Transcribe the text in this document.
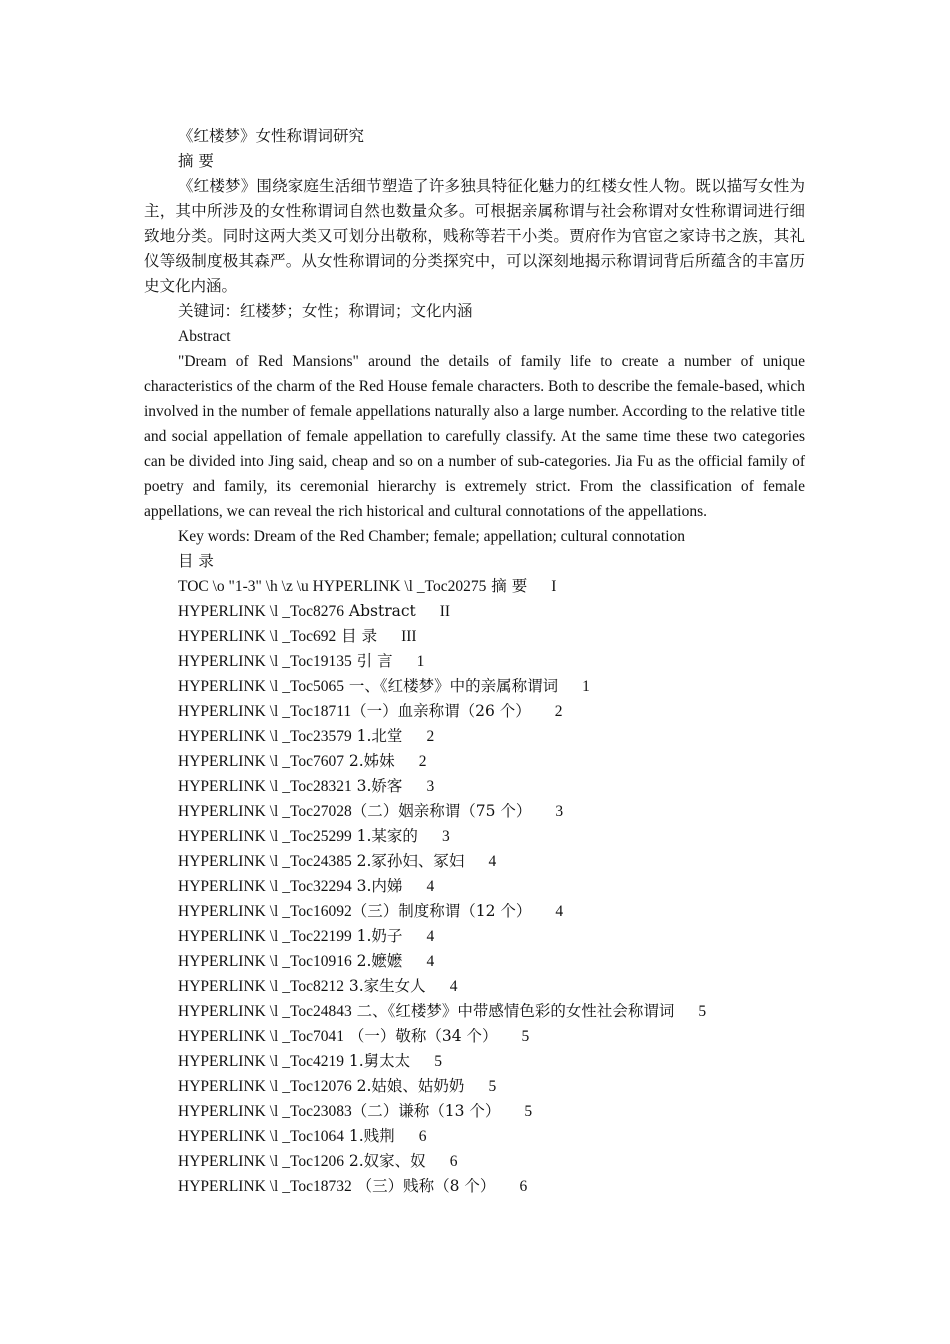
《红楼梦》女性称谓词研究

摘 要

《红楼梦》围绕家庭生活细节塑造了许多独具特征化魅力的红楼女性人物。既以描写女性为主，其中所涉及的女性称谓词自然也数量众多。可根据亲属称谓与社会称谓对女性称谓词进行细致地分类。同时这两大类又可划分出敬称，贱称等若干小类。贾府作为官宦之家诗书之族，其礼仪等级制度极其森严。从女性称谓词的分类探究中，可以深刻地揭示称谓词背后所蕴含的丰富历史文化内涵。

关键词：红楼梦；女性；称谓词；文化内涵

Abstract

"Dream of Red Mansions" around the details of family life to create a number of unique characteristics of the charm of the Red House female characters. Both to describe the female-based, which involved in the number of female appellations naturally also a large number. According to the relative title and social appellation of female appellation to carefully classify. At the same time these two categories can be divided into Jing said, cheap and so on a number of sub-categories. Jia Fu as the official family of poetry and family, its ceremonial hierarchy is extremely strict. From the classification of female appellations, we can reveal the rich historical and cultural connotations of the appellations.

Key words: Dream of the Red Chamber; female; appellation; cultural connotation

目 录

TOC \o "1-3" \h \z \u HYPERLINK \l _Toc20275 摘 要 I
HYPERLINK \l _Toc8276 Abstract II
HYPERLINK \l _Toc692 目 录 III
HYPERLINK \l _Toc19135 引 言 1
HYPERLINK \l _Toc5065 一、《红楼梦》中的亲属称谓词 1
HYPERLINK \l _Toc18711（一）血亲称谓（26 个） 2
HYPERLINK \l _Toc23579 1.北堂 2
HYPERLINK \l _Toc7607 2.姊妹 2
HYPERLINK \l _Toc28321 3.娇客 3
HYPERLINK \l _Toc27028（二）姻亲称谓（75 个） 3
HYPERLINK \l _Toc25299 1.某家的 3
HYPERLINK \l _Toc24385 2.冢孙妇、冢妇 4
HYPERLINK \l _Toc32294 3.内娣 4
HYPERLINK \l _Toc16092（三）制度称谓（12 个） 4
HYPERLINK \l _Toc22199 1.奶子 4
HYPERLINK \l _Toc10916 2.嬷嬷 4
HYPERLINK \l _Toc8212 3.家生女人 4
HYPERLINK \l _Toc24843 二、《红楼梦》中带感情色彩的女性社会称谓词 5
HYPERLINK \l _Toc7041 （一）敬称（34 个） 5
HYPERLINK \l _Toc4219 1.舅太太 5
HYPERLINK \l _Toc12076 2.姑娘、姑奶奶 5
HYPERLINK \l _Toc23083（二）谦称（13 个） 5
HYPERLINK \l _Toc1064 1.贱荆 6
HYPERLINK \l _Toc1206 2.奴家、奴 6
HYPERLINK \l _Toc18732 （三）贱称（8 个） 6
